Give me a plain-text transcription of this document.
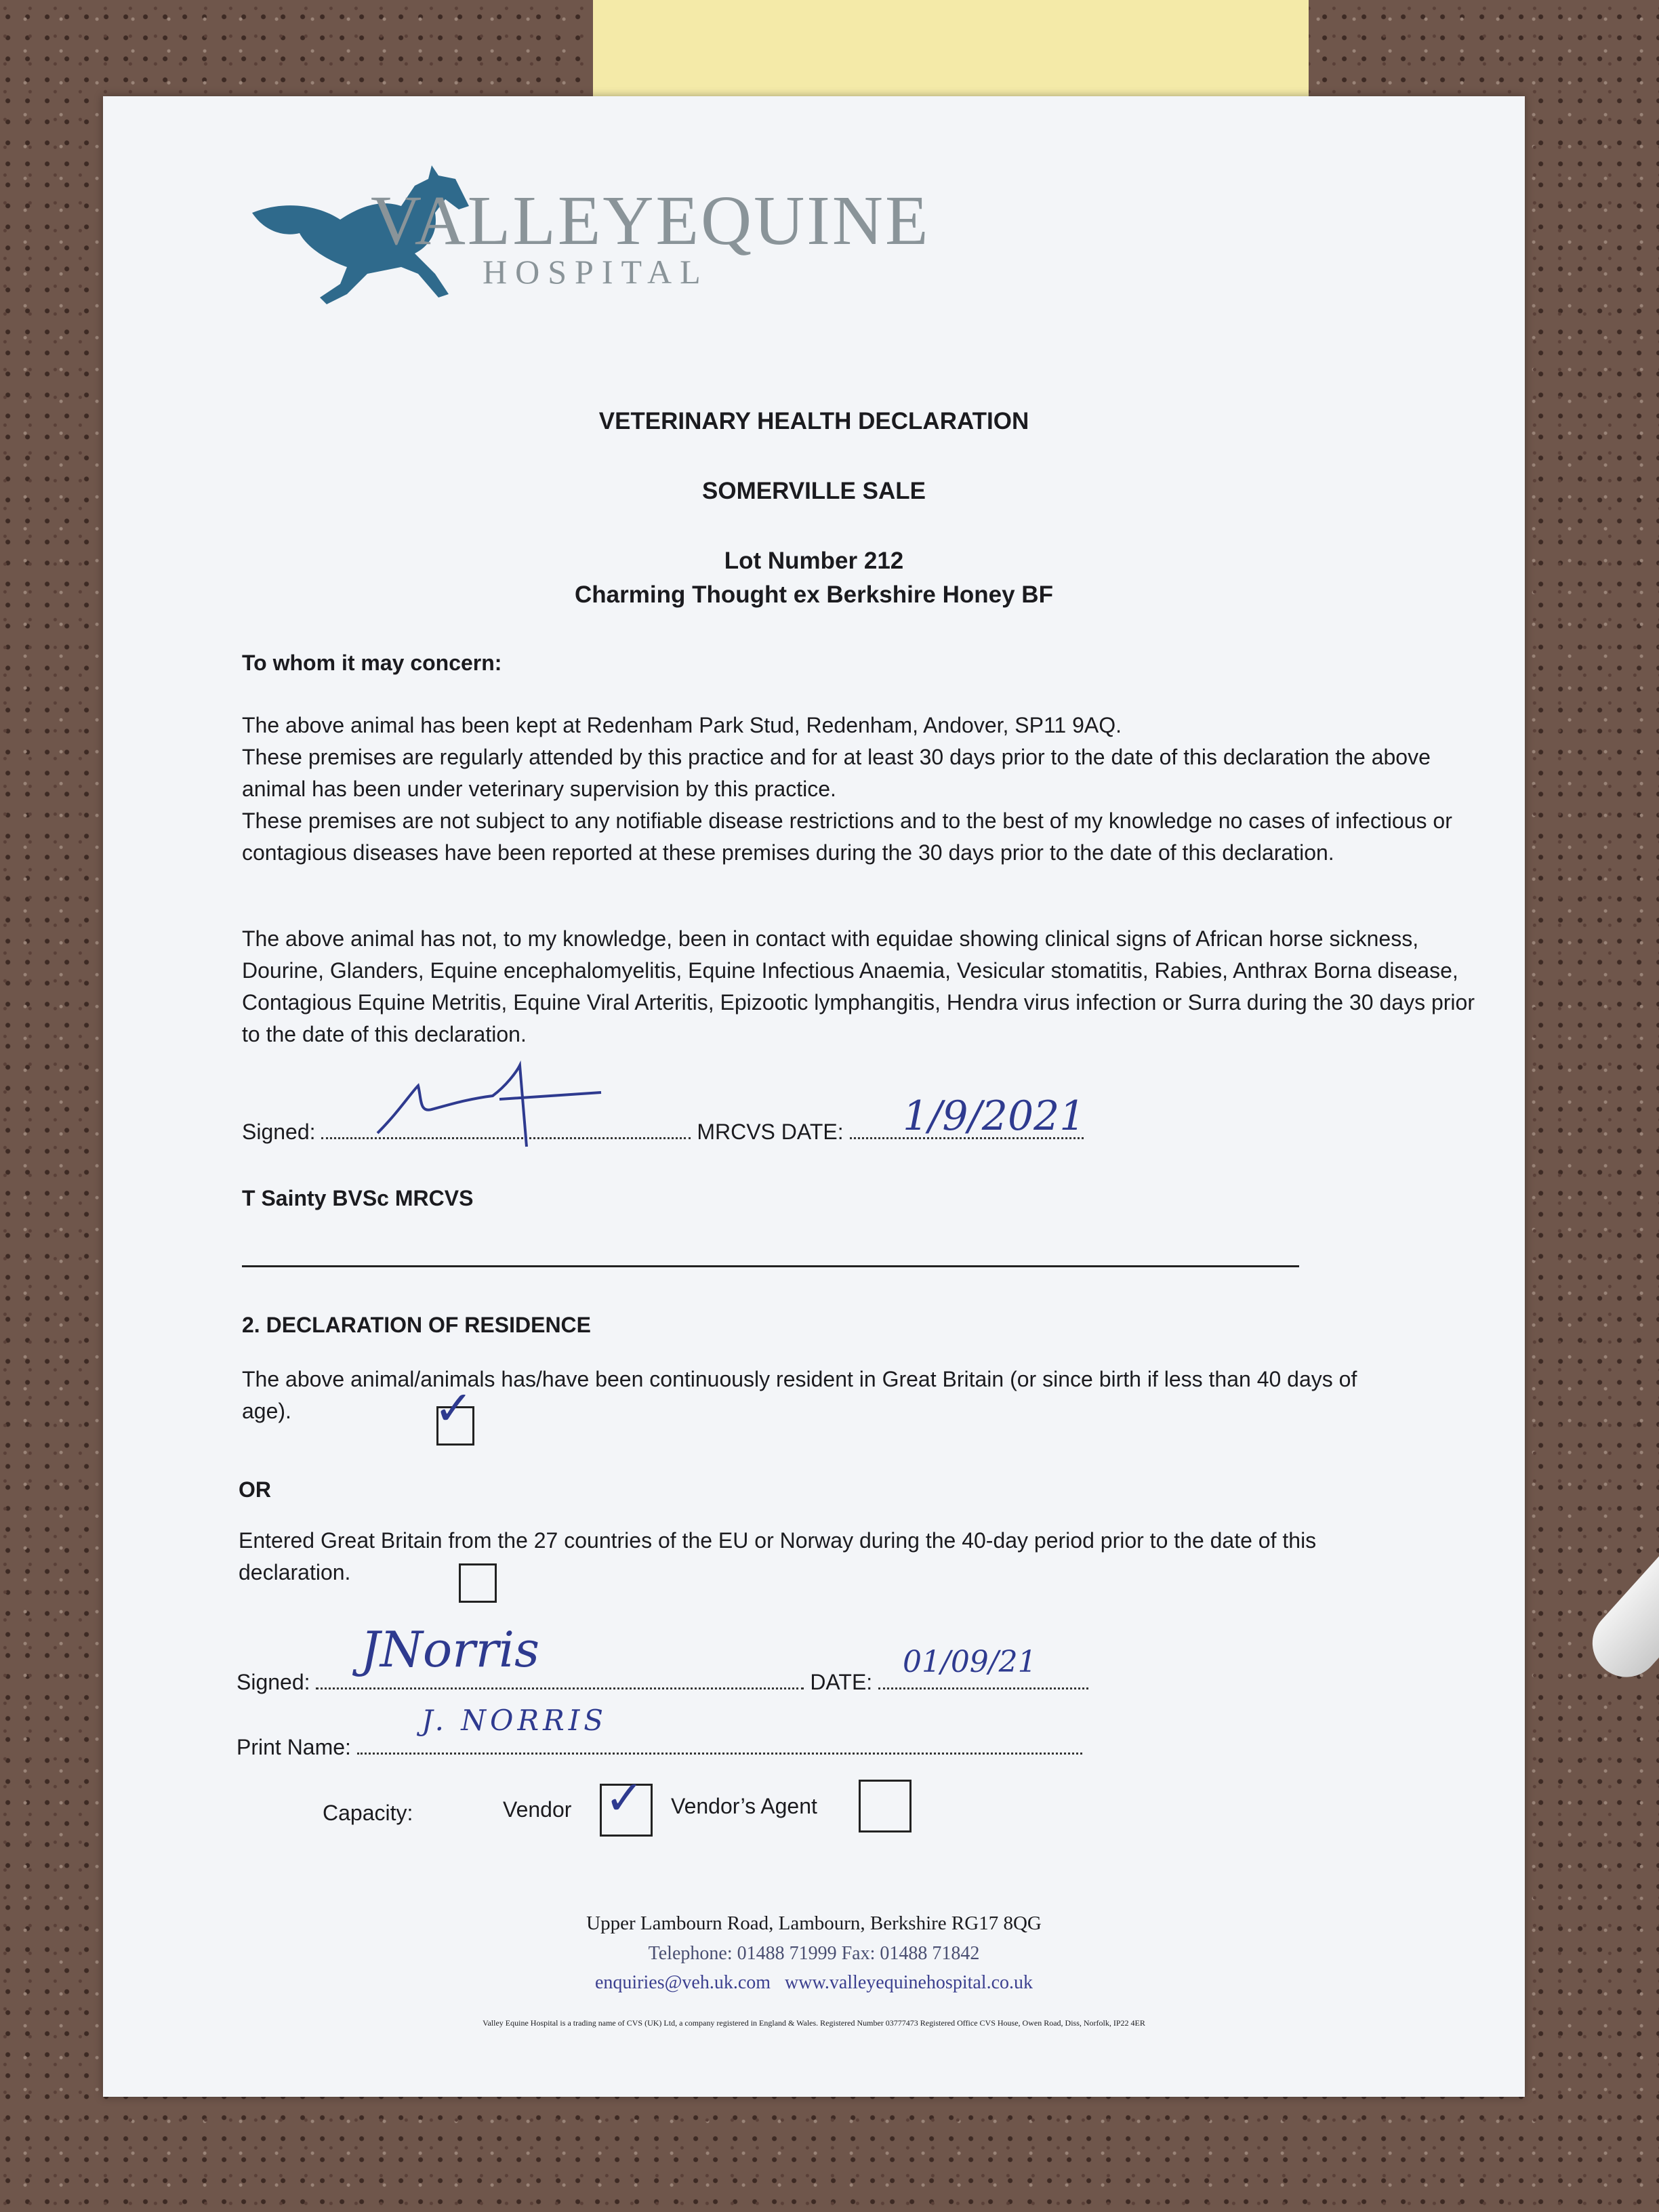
VALLEYEQUINE
HOSPITAL
VETERINARY HEALTH DECLARATION
SOMERVILLE SALE
Lot Number 212
Charming Thought ex Berkshire Honey BF
To whom it may concern:

The above animal has been kept at Redenham Park Stud, Redenham, Andover, SP11 9AQ.
These premises are regularly attended by this practice and for at least 30 days prior to the date of this declaration the above animal has been under veterinary supervision by this practice.
These premises are not subject to any notifiable disease restrictions and to the best of my knowledge no cases of infectious or contagious diseases have been reported at these premises during the 30 days prior to the date of this declaration.

The above animal has not, to my knowledge, been in contact with equidae showing clinical signs of African horse sickness, Dourine, Glanders, Equine encephalomyelitis, Equine Infectious Anaemia, Vesicular stomatitis, Rabies, Anthrax Borna disease, Contagious Equine Metritis, Equine Viral Arteritis, Epizootic lymphangitis, Hendra virus infection or Surra during the 30 days prior to the date of this declaration.

Signed:	MRCVS DATE:	1/9/2021
T Sainty BVSc MRCVS
2. DECLARATION OF RESIDENCE

The above animal/animals has/have been continuously resident in Great Britain (or since birth if less than 40 days of age).	✓
OR

Entered Great Britain from the 27 countries of the EU or Norway during the 40-day period prior to the date of this declaration.

Signed:	DATE:
JNorris	01/09/21
Print Name:
J. NORRIS
Capacity:	Vendor ✓ Vendor’s Agent
Upper Lambourn Road, Lambourn, Berkshire RG17 8QG
Telephone: 01488 71999 Fax: 01488 71842
enquiries@veh.uk.com www.valleyequinehospital.co.uk
Valley Equine Hospital is a trading name of CVS (UK) Ltd, a company registered in England & Wales. Registered Number 03777473 Registered Office CVS House, Owen Road, Diss, Norfolk, IP22 4ER
